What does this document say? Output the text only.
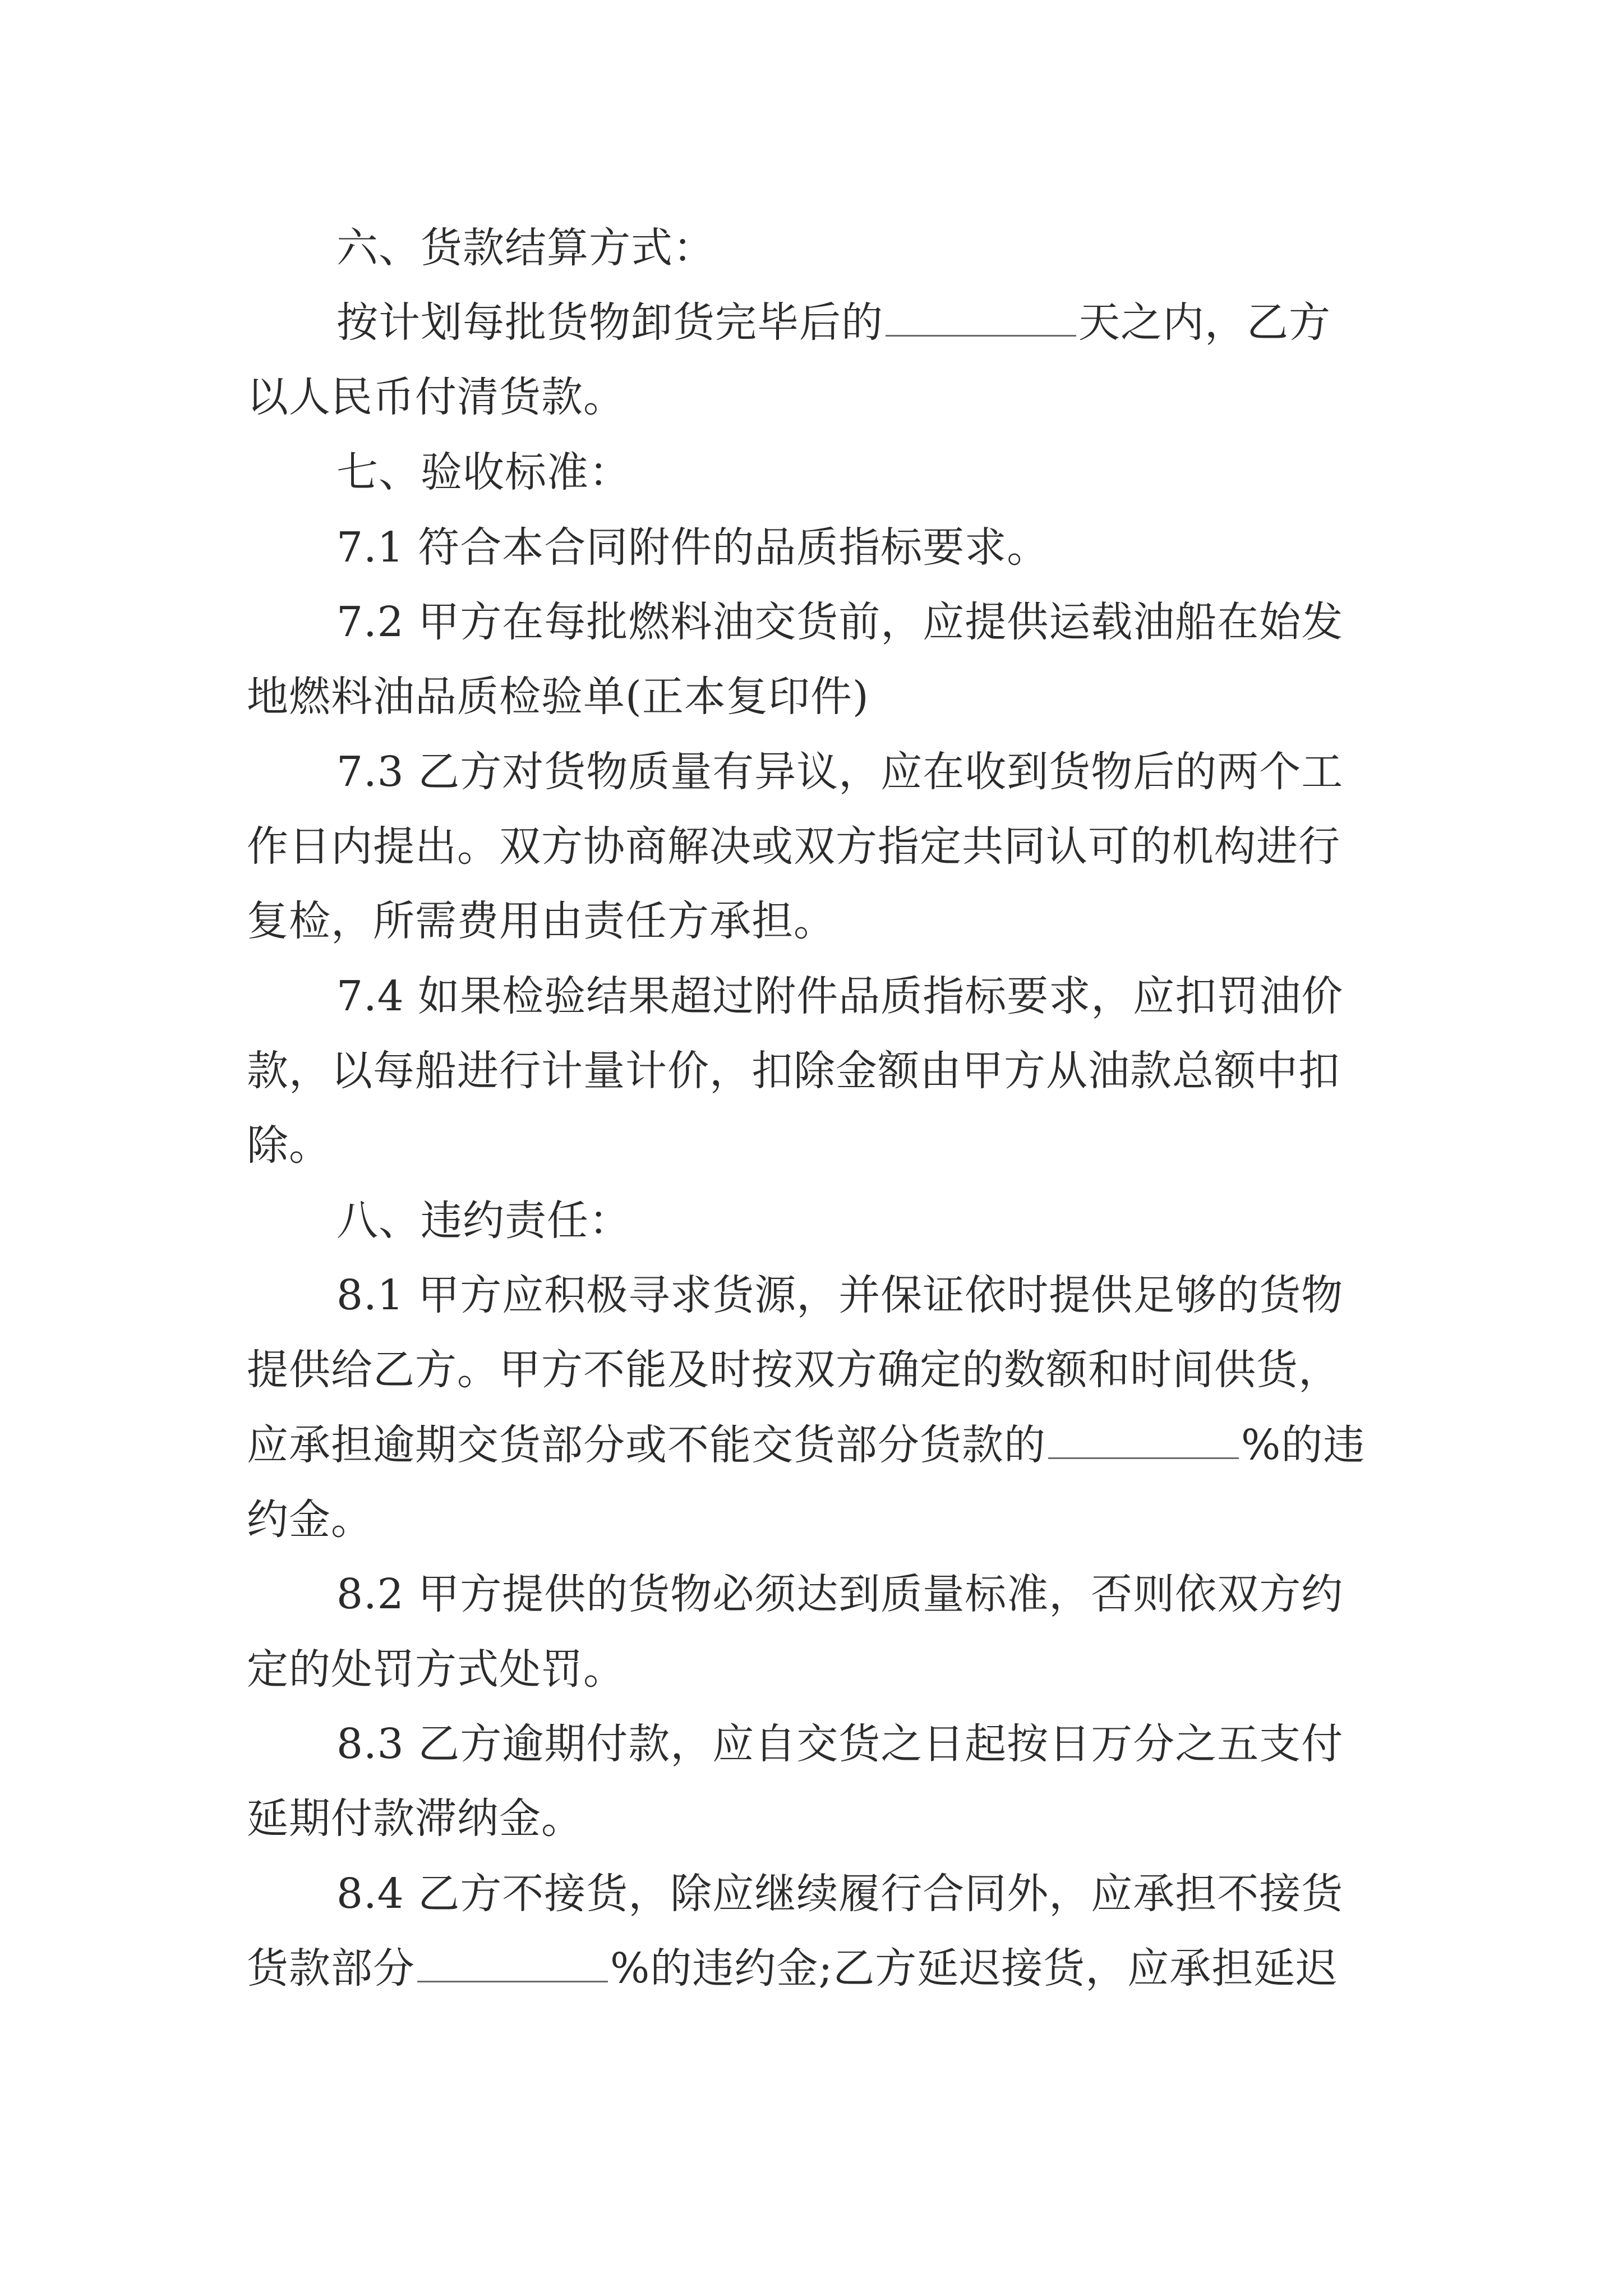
六、货款结算方式：
按计划每批货物卸货完毕后的	天之内，乙方
以人民币付清货款。
七、验收标准：
7.1 符合本合同附件的品质指标要求。
7.2 甲方在每批燃料油交货前，应提供运载油船在始发
地燃料油品质检验单(正本复印件)
7.3 乙方对货物质量有异议，应在收到货物后的两个工
作日内提出。双方协商解决或双方指定共同认可的机构进行
复检，所需费用由责任方承担。
7.4 如果检验结果超过附件品质指标要求，应扣罚油价
款，以每船进行计量计价，扣除金额由甲方从油款总额中扣
除。
八、违约责任：
8.1 甲方应积极寻求货源，并保证依时提供足够的货物
提供给乙方。甲方不能及时按双方确定的数额和时间供货，
应承担逾期交货部分或不能交货部分货款的	%的违
约金。
8.2 甲方提供的货物必须达到质量标准，否则依双方约
定的处罚方式处罚。
8.3 乙方逾期付款，应自交货之日起按日万分之五支付
延期付款滞纳金。
8.4 乙方不接货，除应继续履行合同外，应承担不接货
货款部分	%的违约金;乙方延迟接货，应承担延迟
